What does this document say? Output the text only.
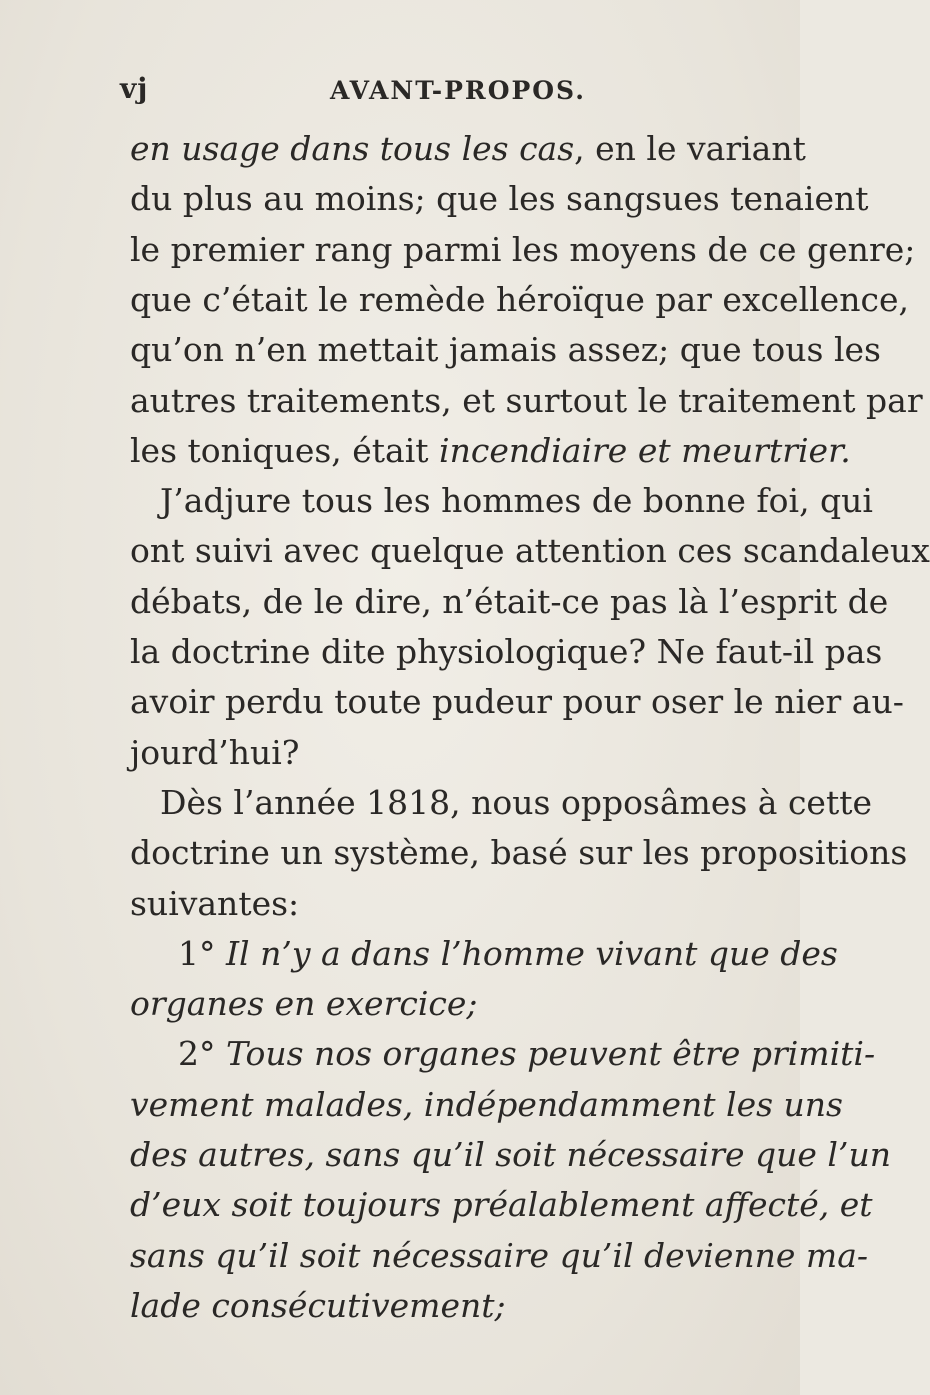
vj	AVANT-PROPOS.
en usage dans tous les cas, en le variant
du plus au moins; que les sangsues tenaient
le premier rang parmi les moyens de ce genre;
que c’était le remède héroïque par excellence,
qu’on n’en mettait jamais assez; que tous les
autres traitements, et surtout le traitement par
les toniques, était incendiaire et meurtrier.
J’adjure tous les hommes de bonne foi, qui
ont suivi avec quelque attention ces scandaleux
débats, de le dire, n’était-ce pas là l’esprit de
la doctrine dite physiologique? Ne faut-il pas
avoir perdu toute pudeur pour oser le nier au-
jourd’hui?
Dès l’année 1818, nous opposâmes à cette
doctrine un système, basé sur les propositions
suivantes:
1° Il n’y a dans l’homme vivant que des
organes en exercice;
2° Tous nos organes peuvent être primiti-
vement malades, indépendamment les uns
des autres, sans qu’il soit nécessaire que l’un
d’eux soit toujours préalablement affecté, et
sans qu’il soit nécessaire qu’il devienne ma-
lade consécutivement;
